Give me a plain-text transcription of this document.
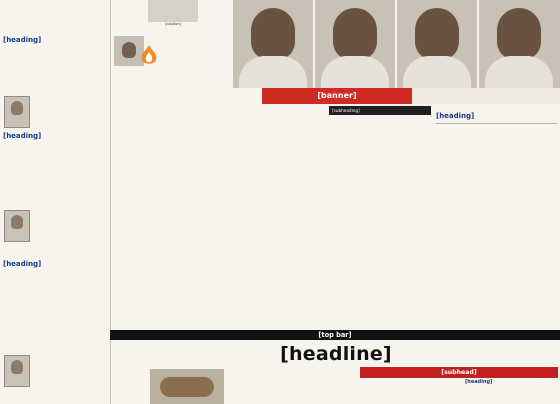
[heading]

[heading]

[heading]

[caption]
[banner]

[subheading]

[heading]

[top bar]
[headline]
[subhead]

[heading]
